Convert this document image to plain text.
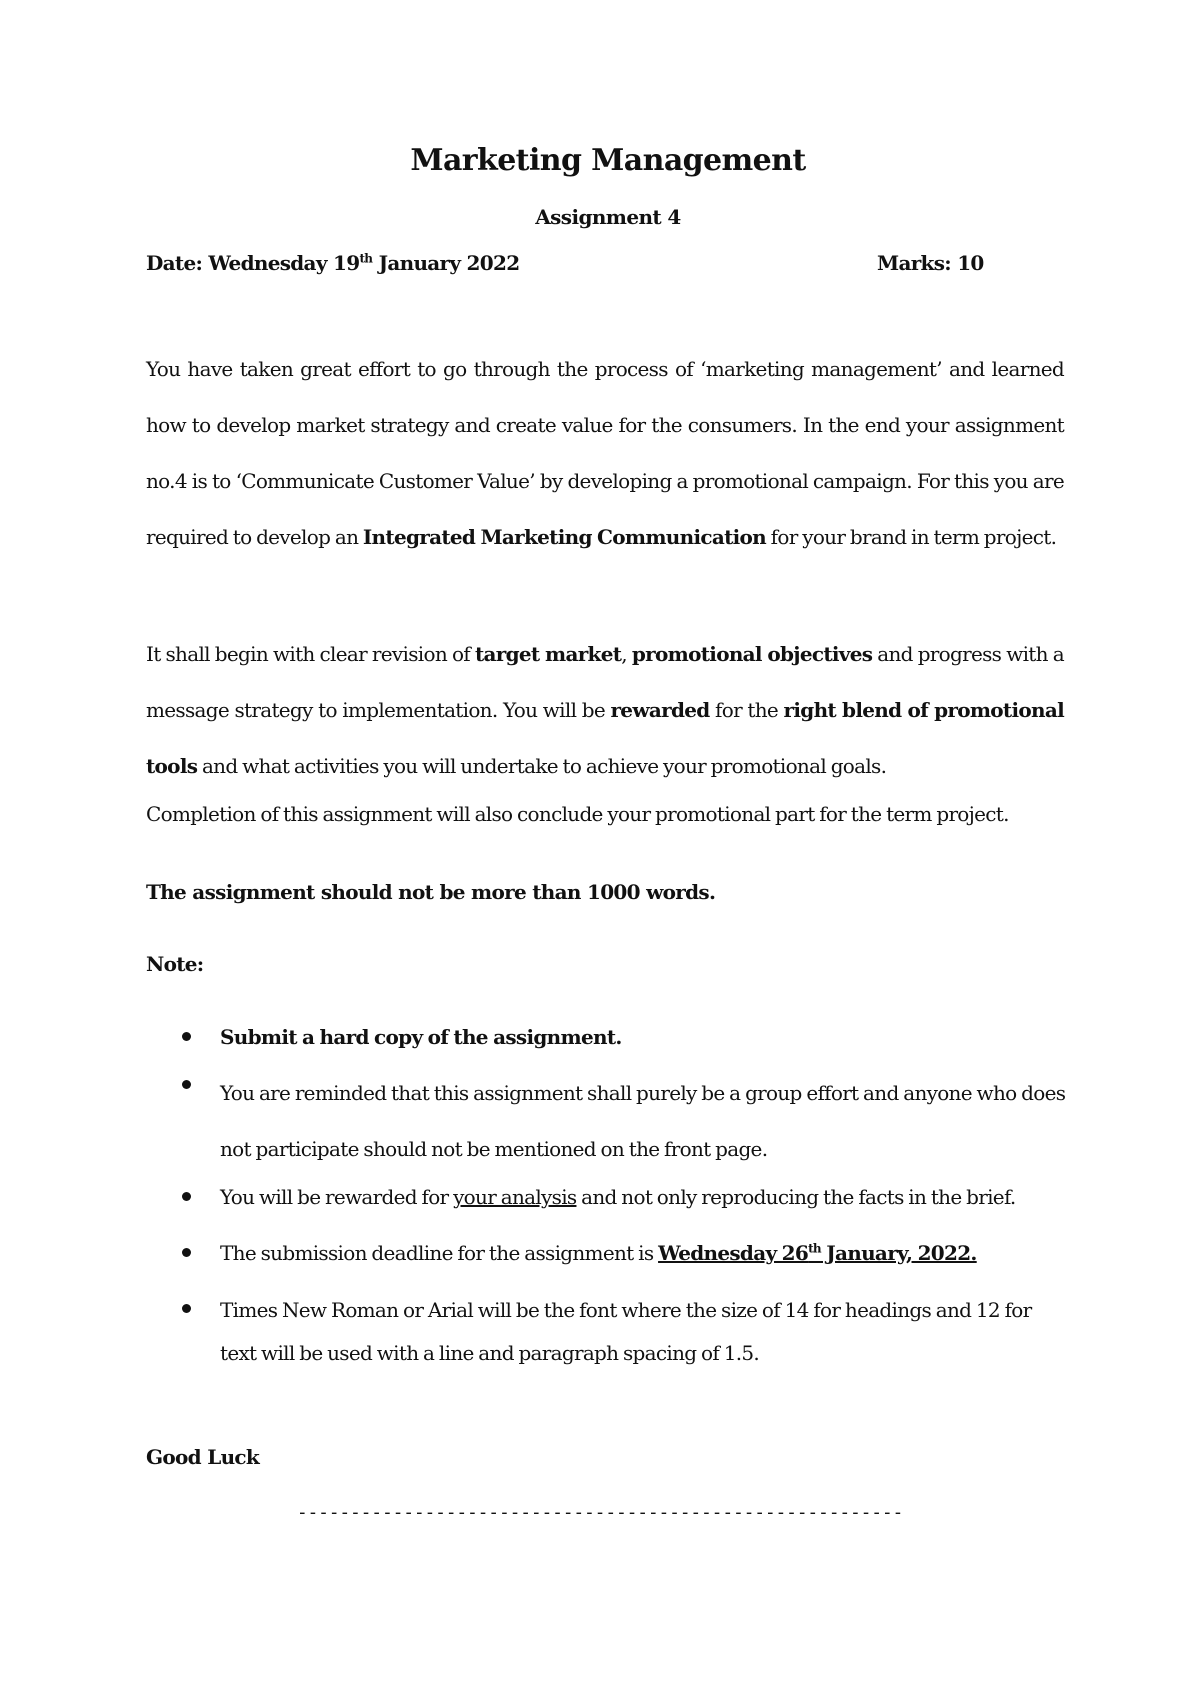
Marketing Management
Assignment 4
Date: Wednesday 19th January 2022	Marks: 10
You have taken great effort to go through the process of ‘marketing management’ and learned how to develop market strategy and create value for the consumers. In the end your assignment no.4 is to ‘Communicate Customer Value’ by developing a promotional campaign. For this you are required to develop an Integrated Marketing Communication for your brand in term project.
It shall begin with clear revision of target market, promotional objectives and progress with a message strategy to implementation. You will be rewarded for the right blend of promotional tools and what activities you will undertake to achieve your promotional goals.
Completion of this assignment will also conclude your promotional part for the term project.
The assignment should not be more than 1000 words.
Note:
Submit a hard copy of the assignment.
You are reminded that this assignment shall purely be a group effort and anyone who does not participate should not be mentioned on the front page.
You will be rewarded for your analysis and not only reproducing the facts in the brief.
The submission deadline for the assignment is Wednesday 26th January, 2022.
Times New Roman or Arial will be the font where the size of 14 for headings and 12 for text will be used with a line and paragraph spacing of 1.5.
Good Luck
---------------------------------------------------------
